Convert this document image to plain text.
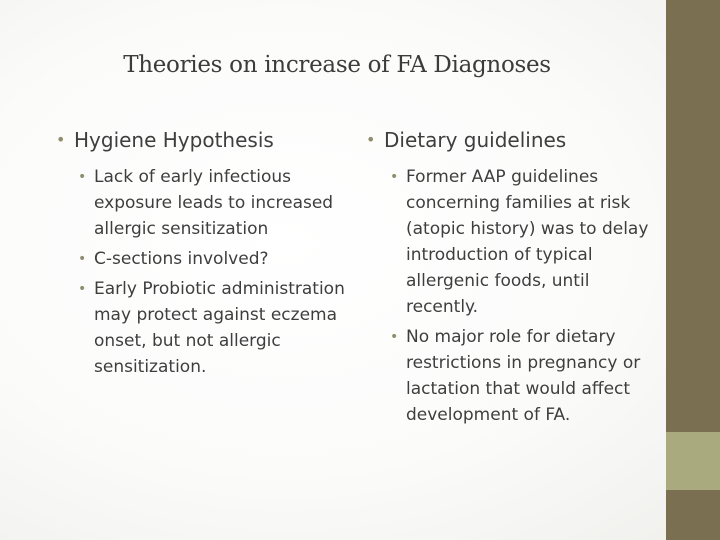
Theories on increase of FA Diagnoses
• Hygiene Hypothesis
• Lack of early infectious exposure leads to increased allergic sensitization
• C-sections involved?
• Early Probiotic administration may protect against eczema onset, but not allergic sensitization.
• Dietary guidelines
• Former AAP guidelines concerning families at risk (atopic history) was to delay introduction of typical allergenic foods, until recently.
• No major role for dietary restrictions in pregnancy or lactation that would affect development of FA.
